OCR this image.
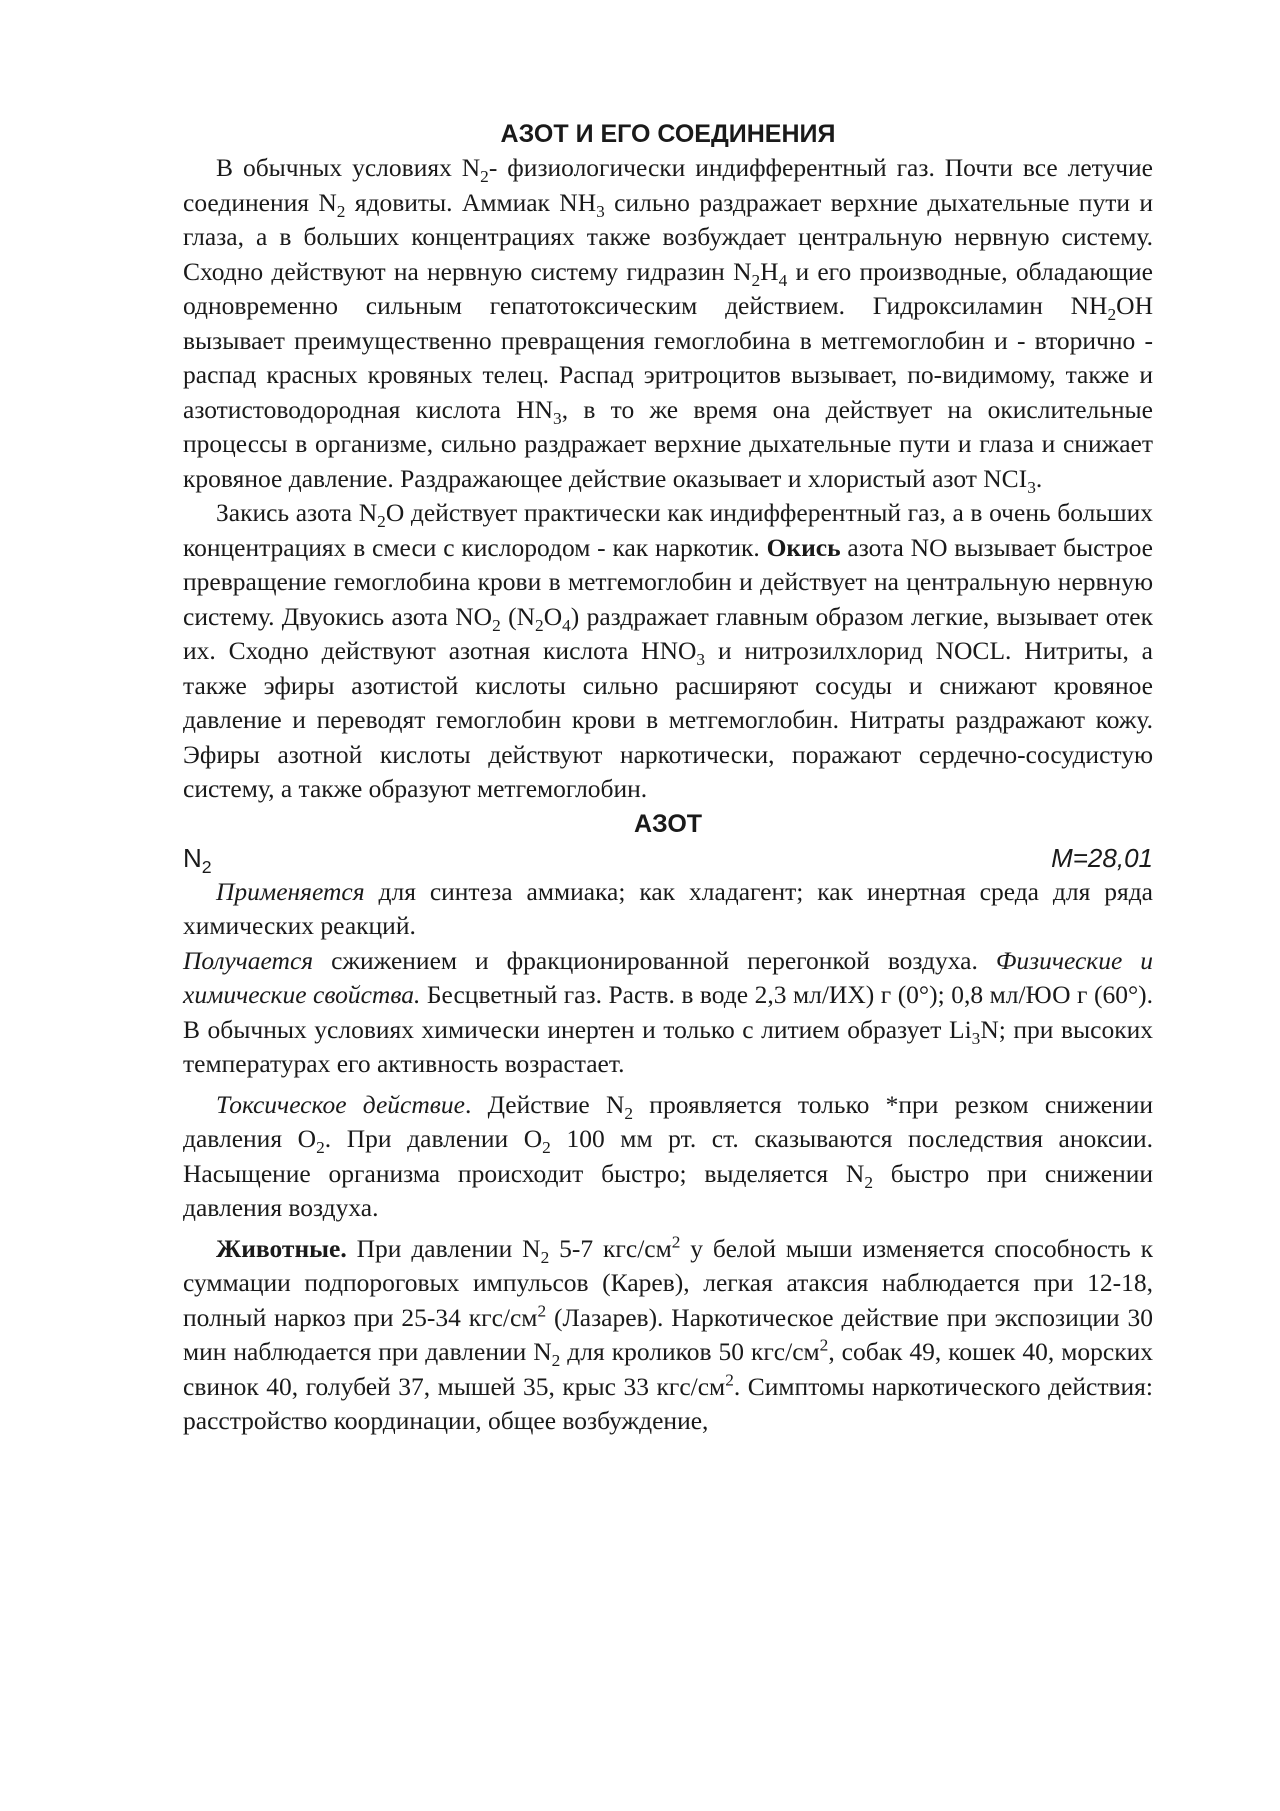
АЗОТ И ЕГО СОЕДИНЕНИЯ

В обычных условиях $N_2-$ физиологически индифферентный газ. Почти все летучие соединения $N_2$ ядовиты. Аммиак $NH_3$ сильно раздражает верхние дыхательные пути и глаза, а в больших концентрациях также возбуждает центральную нервную систему. Сходно действуют на нервную систему гидразин $N_2H_4$ и его производные, обладающие одновременно сильным гепатотоксическим действием. Гидроксиламин $NH_2OH$ вызывает преимущественно превращения гемоглобина в метгемоглобин и - вторично - распад красных кровяных телец. Распад эритроцитов вызывает, по-видимому, также и азотистоводородная кислота $HN_3$, в то же время она действует на окислительные процессы в организме, сильно раздражает верхние дыхательные пути и глаза и снижает кровяное давление. Раздражающее действие оказывает и хлористый азот $NCI_3$.

Закись азота $N_2O$ действует практически как индифферентный газ, а в очень больших концентрациях в смеси с кислородом - как наркотик. Окись азота NO вызывает быстрое превращение гемоглобина крови в метгемоглобин и действует на центральную нервную систему. Двуокись азота $NO_2$ $(N_2O_4)$ раздражает главным образом легкие, вызывает отек их. Сходно действуют азотная кислота $HNO_3$ и нитрозилхлорид NOCL. Нитриты, а также эфиры азотистой кислоты сильно расширяют сосуды и снижают кровяное давление и переводят гемоглобин крови в метгемоглобин. Нитраты раздражают кожу. Эфиры азотной кислоты действуют наркотически, поражают сердечно-сосудистую систему, а также образуют метгемоглобин.

АЗОТ
$N_2$	M=28,01

Применяется для синтеза аммиака; как хладагент; как инертная среда для ряда химических реакций.

Получается сжижением и фракционированной перегонкой воздуха. Физические и химические свойства. Бесцветный газ. Раств. в воде 2,3 мл/ИХ) г (0°); 0,8 мл/ЮО г (60°). В обычных условиях химически инертен и только с литием образует $Li_3N$; при высоких температурах его активность возрастает.

Токсическое действие. Действие $N_2$ проявляется только *при резком снижении давления $O_2$. При давлении $O_2$ 100 мм рт. ст. сказываются последствия аноксии. Насыщение организма происходит быстро; выделяется $N_2$ быстро при снижении давления воздуха.

Животные. При давлении $N_2$ 5-7 кгс/$см^2$ у белой мыши изменяется способность к суммации подпороговых импульсов (Карев), легкая атаксия наблюдается при 12-18, полный наркоз при 25-34 кгс/$см^2$ (Лазарев). Наркотическое действие при экспозиции 30 мин наблюдается при давлении $N_2$ для кроликов 50 кгс/$см^2$, собак 49, кошек 40, морских свинок 40, голубей 37, мышей 35, крыс 33 кгс/$см^2$. Симптомы наркотического действия: расстройство координации, общее возбуждение,
